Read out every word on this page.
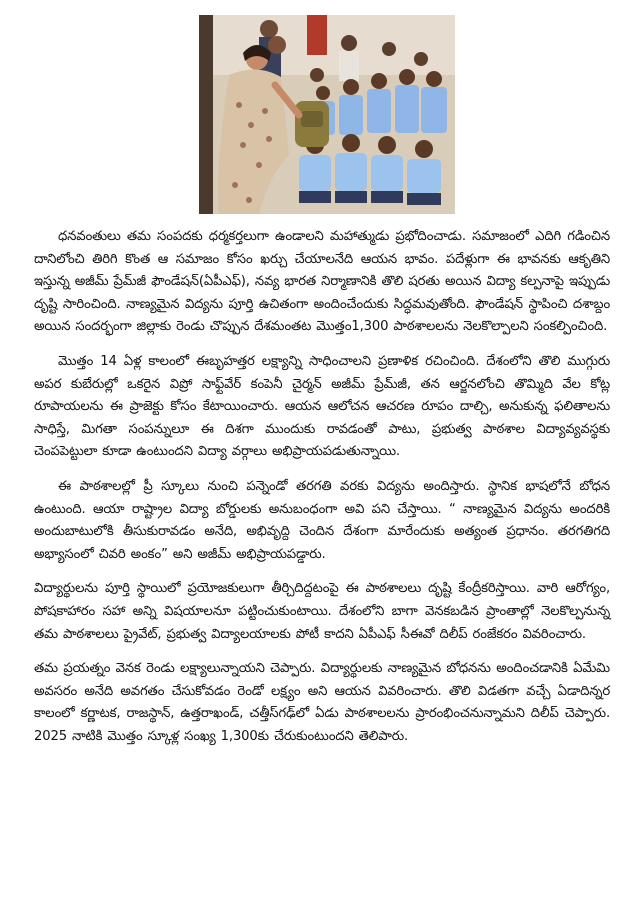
ధనవంతులు తమ సంపదకు ధర్మకర్తలుగా ఉండాలని మహాత్ముడు ప్రభోదించాడు. సమాజంలో ఎదిగి గడించిన దానిలోంచి తిరిగి కొంత ఆ సమాజం కోసం ఖర్చు చేయాలనేది ఆయన భావం. పదేళ్లుగా ఈ భావనకు ఆకృతిని ఇస్తున్న అజీమ్ ప్రేమ్‌జీ ఫౌండేషన్(ఏపీఎఫ్), నవ్య భారత నిర్మాణానికి తొలి షరతు అయిన విద్యా కల్పనాపై ఇప్పుడు దృష్టి సారించింది. నాణ్యమైన విద్యను పూర్తి ఉచితంగా అందించేందుకు సిద్ధమవుతోంది. ఫౌండేషన్ స్థాపించి దశాబ్దం అయిన సందర్భంగా జిల్లాకు రెండు చొప్పున దేశమంతట మొత్తం1,300 పాఠశాలలను నెలకొల్పాలని సంకల్పించింది.

మొత్తం 14 ఏళ్ల కాలంలో ఈబృహత్తర లక్ష్యాన్ని సాధించాలని ప్రణాళిక రచించింది. దేశంలోని తొలి ముగ్గురు అపర కుబేరుల్లో ఒకరైన విప్రో సాఫ్ట్‌వేర్ కంపెనీ చైర్మన్ అజీమ్ ప్రేమ్‌జీ, తన ఆర్జనలోంచి తొమ్మిది వేల కోట్ల రూపాయలను ఈ ప్రాజెక్టు కోసం కేటాయించారు. ఆయన ఆలోచన ఆచరణ రూపం దాల్చి, అనుకున్న ఫలితాలను సాధిస్తే, మిగతా సంపన్నులూ ఈ దిశగా ముందుకు రావడంతో పాటు, ప్రభుత్వ పాఠశాల విద్యావ్యవస్థకు చెంపపెట్టులా కూడా ఉంటుందని విద్యా వర్గాలు అభిప్రాయపడుతున్నాయి.

ఈ పాఠశాలల్లో ప్రీ స్కూలు నుంచి పన్నెండో తరగతి వరకు విద్యను అందిస్తారు. స్థానిక భాషలోనే బోధన ఉంటుంది. ఆయా రాష్ట్రాల విద్యా బోర్డులకు అనుబంధంగా అవి పని చేస్తాయి. “ నాణ్యమైన విద్యను అందరికి అందుబాటులోకి తీసుకురావడం అనేది, అభివృద్ది చెందిన దేశంగా మారేందుకు అత్యంత ప్రధానం. తరగతిగది అభ్యాసంలో చివరి అంకం” అని అజీమ్ అభిప్రాయపడ్డారు.

విద్యార్థులను పూర్తి స్థాయిలో ప్రయోజకులుగా తీర్చిదిద్దటంపై ఈ పాఠశాలలు దృష్టి కేంద్రీకరిస్తాయి. వారి ఆరోగ్యం, పోషకాహారం సహా అన్ని విషయాలనూ పట్టించుకుంటాయి. దేశంలోని బాగా వెనకబడిన ప్రాంతాల్లో నెలకొల్పనున్న తమ పాఠశాలలు ప్రైవేట్, ప్రభుత్వ విద్యాలయాలకు పోటీ కాదని ఏపీఎఫ్ సీఈవో దిలీప్ రంజేకరం వివరించారు.

తమ ప్రయత్నం వెనక రెండు లక్ష్యాలున్నాయని చెప్పారు. విద్యార్థులకు నాణ్యమైన బోధనను అందించడానికి ఏమేమి అవసరం అనేది అవగతం చేసుకోవడం రెండో లక్ష్యం అని ఆయన వివరించారు. తొలి విడతగా వచ్చే ఏడాదిన్నర కాలంలో కర్ణాటక, రాజస్థాన్, ఉత్తరాఖండ్, చత్తీస్‌గఢ్‌లో ఏడు పాఠశాలలను ప్రారంభించనున్నామని దిలీప్ చెప్పారు. 2025 నాటికి మొత్తం స్కూళ్ల సంఖ్య 1,300కు చేరుకుంటుందని తెలిపారు.
